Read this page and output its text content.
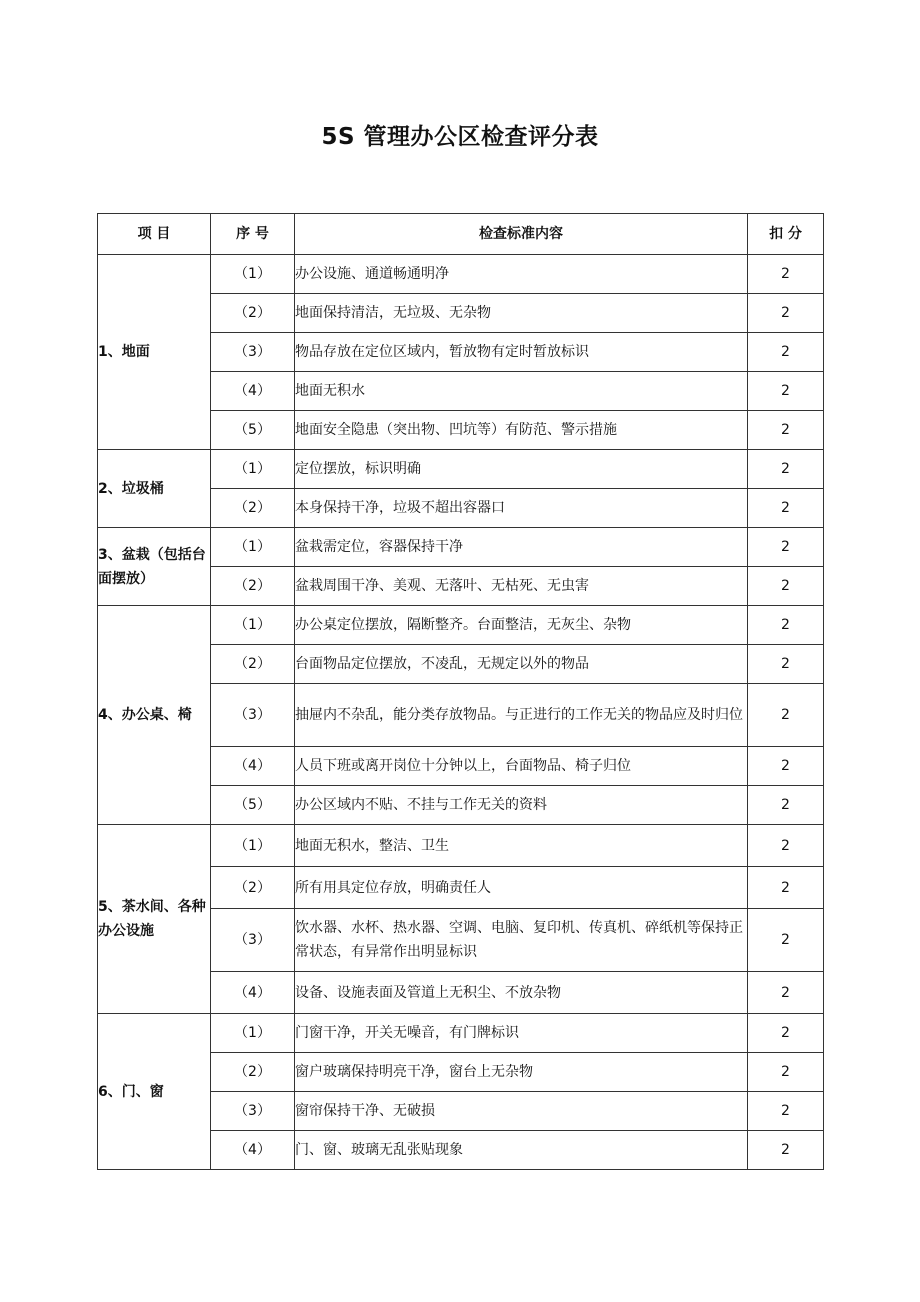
5S 管理办公区检查评分表
项 目	序 号	检查标准内容	扣 分
1、地面	（1）	办公设施、通道畅通明净	2
	（2）	地面保持清洁，无垃圾、无杂物	2
	（3）	物品存放在定位区域内，暂放物有定时暂放标识	2
	（4）	地面无积水	2
	（5）	地面安全隐患（突出物、凹坑等）有防范、警示措施	2
2、垃圾桶	（1）	定位摆放，标识明确	2
	（2）	本身保持干净，垃圾不超出容器口	2
3、盆栽（包括台面摆放）	（1）	盆栽需定位，容器保持干净	2
	（2）	盆栽周围干净、美观、无落叶、无枯死、无虫害	2
4、办公桌、椅	（1）	办公桌定位摆放，隔断整齐。台面整洁，无灰尘、杂物	2
	（2）	台面物品定位摆放，不凌乱，无规定以外的物品	2
	（3）	抽屉内不杂乱，能分类存放物品。与正进行的工作无关的物品应及时归位	2
	（4）	人员下班或离开岗位十分钟以上，台面物品、椅子归位	2
	（5）	办公区域内不贴、不挂与工作无关的资料	2
5、茶水间、各种办公设施	（1）	地面无积水，整洁、卫生	2
	（2）	所有用具定位存放，明确责任人	2
	（3）	饮水器、水杯、热水器、空调、电脑、复印机、传真机、碎纸机等保持正常状态，有异常作出明显标识	2
	（4）	设备、设施表面及管道上无积尘、不放杂物	2
6、门、窗	（1）	门窗干净，开关无噪音，有门牌标识	2
	（2）	窗户玻璃保持明亮干净，窗台上无杂物	2
	（3）	窗帘保持干净、无破损	2
	（4）	门、窗、玻璃无乱张贴现象	2
